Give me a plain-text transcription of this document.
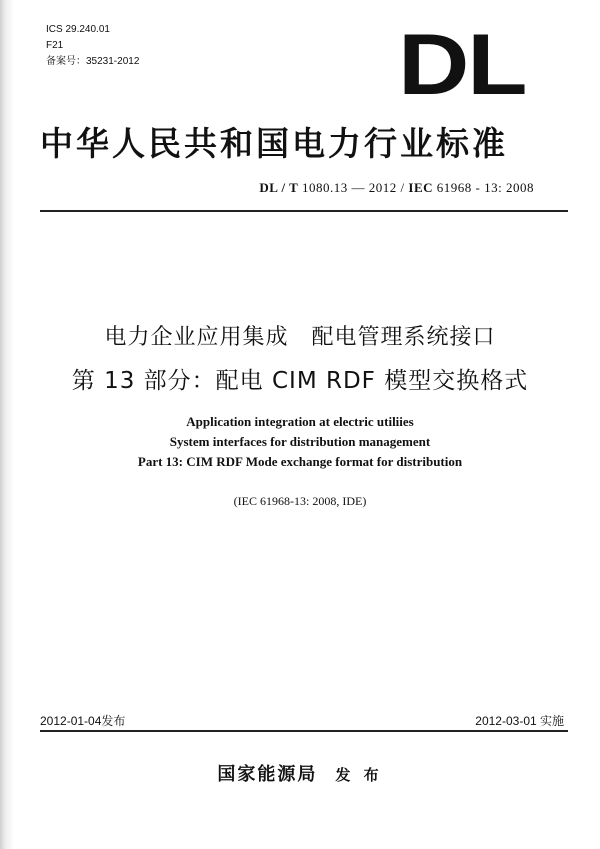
ICS 29.240.01
F21
备案号：35231-2012	DL
中华人民共和国电力行业标准
DL / T 1080.13 — 2012 / IEC 61968 - 13: 2008
电力企业应用集成　配电管理系统接口
第 13 部分：配电 CIM RDF 模型交换格式
Application integration at electric utiliies
System interfaces for distribution management
Part 13: CIM RDF Mode exchange format for distribution
(IEC 61968-13: 2008, IDE)
2012-01-04发布	2012-03-01 实施
国家能源局 发 布
